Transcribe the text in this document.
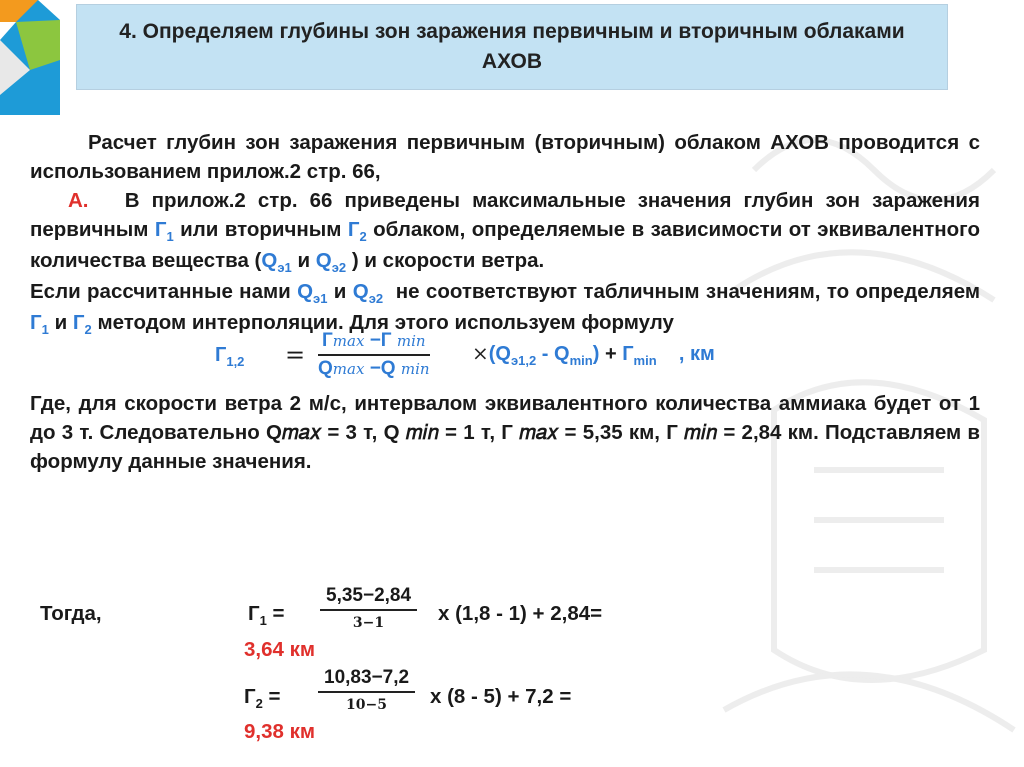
4. Определяем глубины зон заражения первичным и вторичным облаками АХОВ

Расчет глубин зон заражения первичным (вторичным) облаком АХОВ проводится с использованием прилож.2 стр. 66,

А. В прилож.2 стр. 66 приведены максимальные значения глубин зон заражения первичным $Г_1$ или вторичным $Г_2$ облаком, определяемые в зависимости от эквивалентного количества вещества ($Q_{э1}$ и $Q_{э2}$ ) и скорости ветра.

Если рассчитанные нами $Q_{э1}$ и $Q_{э2}$ не соответствуют табличным значениям, то определяем $Г_1$ и $Г_2$ методом интерполяции. Для этого используем формулу

$Г_{1,2}$ =
Гmax −Г min
Qmax −Q min
$\times(Q_{э1,2} - Q_{min}) + Г_{min}$ , км

Где, для скорости ветра 2 м/с, интервалом эквивалентного количества аммиака будет от 1 до 3 т. Следовательно Q𝑚𝑎𝑥 = 3 т, Q 𝑚𝑖𝑛 = 1 т, Г 𝑚𝑎𝑥 = 5,35 км, Г 𝑚𝑖𝑛 = 2,84 км. Подставляем в формулу данные значения.

Тогда,	$Г_1$ =
5,35−2,84
3−1	х (1,8 - 1) + 2,84=
3,64 км
$Г_2$ =
10,83−7,2
10−5	х (8 - 5) + 7,2 =
9,38 км
